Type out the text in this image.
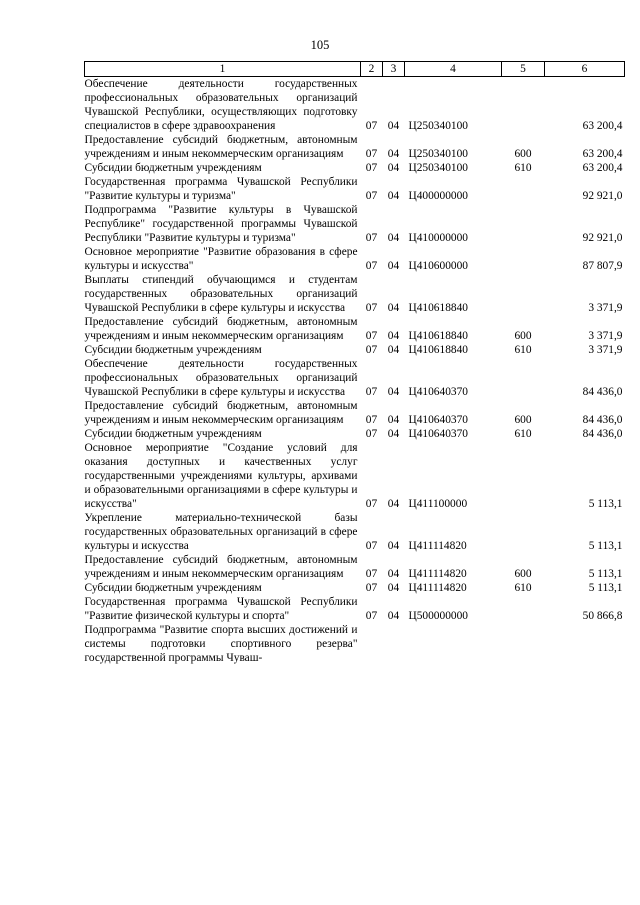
105
1	2	3	4	5	6
Обеспечение деятельности государственных профессиональных образовательных организаций Чувашской Республики, осуществляющих подготовку специалистов в сфере здравоохранения	07	04	Ц250340100		63 200,4
Предоставление субсидий бюджетным, автономным учреждениям и иным некоммерческим организациям	07	04	Ц250340100	600	63 200,4
Субсидии бюджетным учреждениям	07	04	Ц250340100	610	63 200,4
Государственная программа Чувашской Республики "Развитие культуры и туризма"	07	04	Ц400000000		92 921,0
Подпрограмма "Развитие культуры в Чувашской Республике" государственной программы Чувашской Республики "Развитие культуры и туризма"	07	04	Ц410000000		92 921,0
Основное мероприятие "Развитие образования в сфере культуры и искусства"	07	04	Ц410600000		87 807,9
Выплаты стипендий обучающимся и студентам государственных образовательных организаций Чувашской Республики в сфере культуры и искусства	07	04	Ц410618840		3 371,9
Предоставление субсидий бюджетным, автономным учреждениям и иным некоммерческим организациям	07	04	Ц410618840	600	3 371,9
Субсидии бюджетным учреждениям	07	04	Ц410618840	610	3 371,9
Обеспечение деятельности государственных профессиональных образовательных организаций Чувашской Республики в сфере культуры и искусства	07	04	Ц410640370		84 436,0
Предоставление субсидий бюджетным, автономным учреждениям и иным некоммерческим организациям	07	04	Ц410640370	600	84 436,0
Субсидии бюджетным учреждениям	07	04	Ц410640370	610	84 436,0
Основное мероприятие "Создание условий для оказания доступных и качественных услуг государственными учреждениями культуры, архивами и образовательными организациями в сфере культуры и искусства"	07	04	Ц411100000		5 113,1
Укрепление материально-технической базы государственных образовательных организаций в сфере культуры и искусства	07	04	Ц411114820		5 113,1
Предоставление субсидий бюджетным, автономным учреждениям и иным некоммерческим организациям	07	04	Ц411114820	600	5 113,1
Субсидии бюджетным учреждениям	07	04	Ц411114820	610	5 113,1
Государственная программа Чувашской Республики "Развитие физической культуры и спорта"	07	04	Ц500000000		50 866,8
Подпрограмма "Развитие спорта высших достижений и системы подготовки спортивного резерва" государственной программы Чуваш-					
